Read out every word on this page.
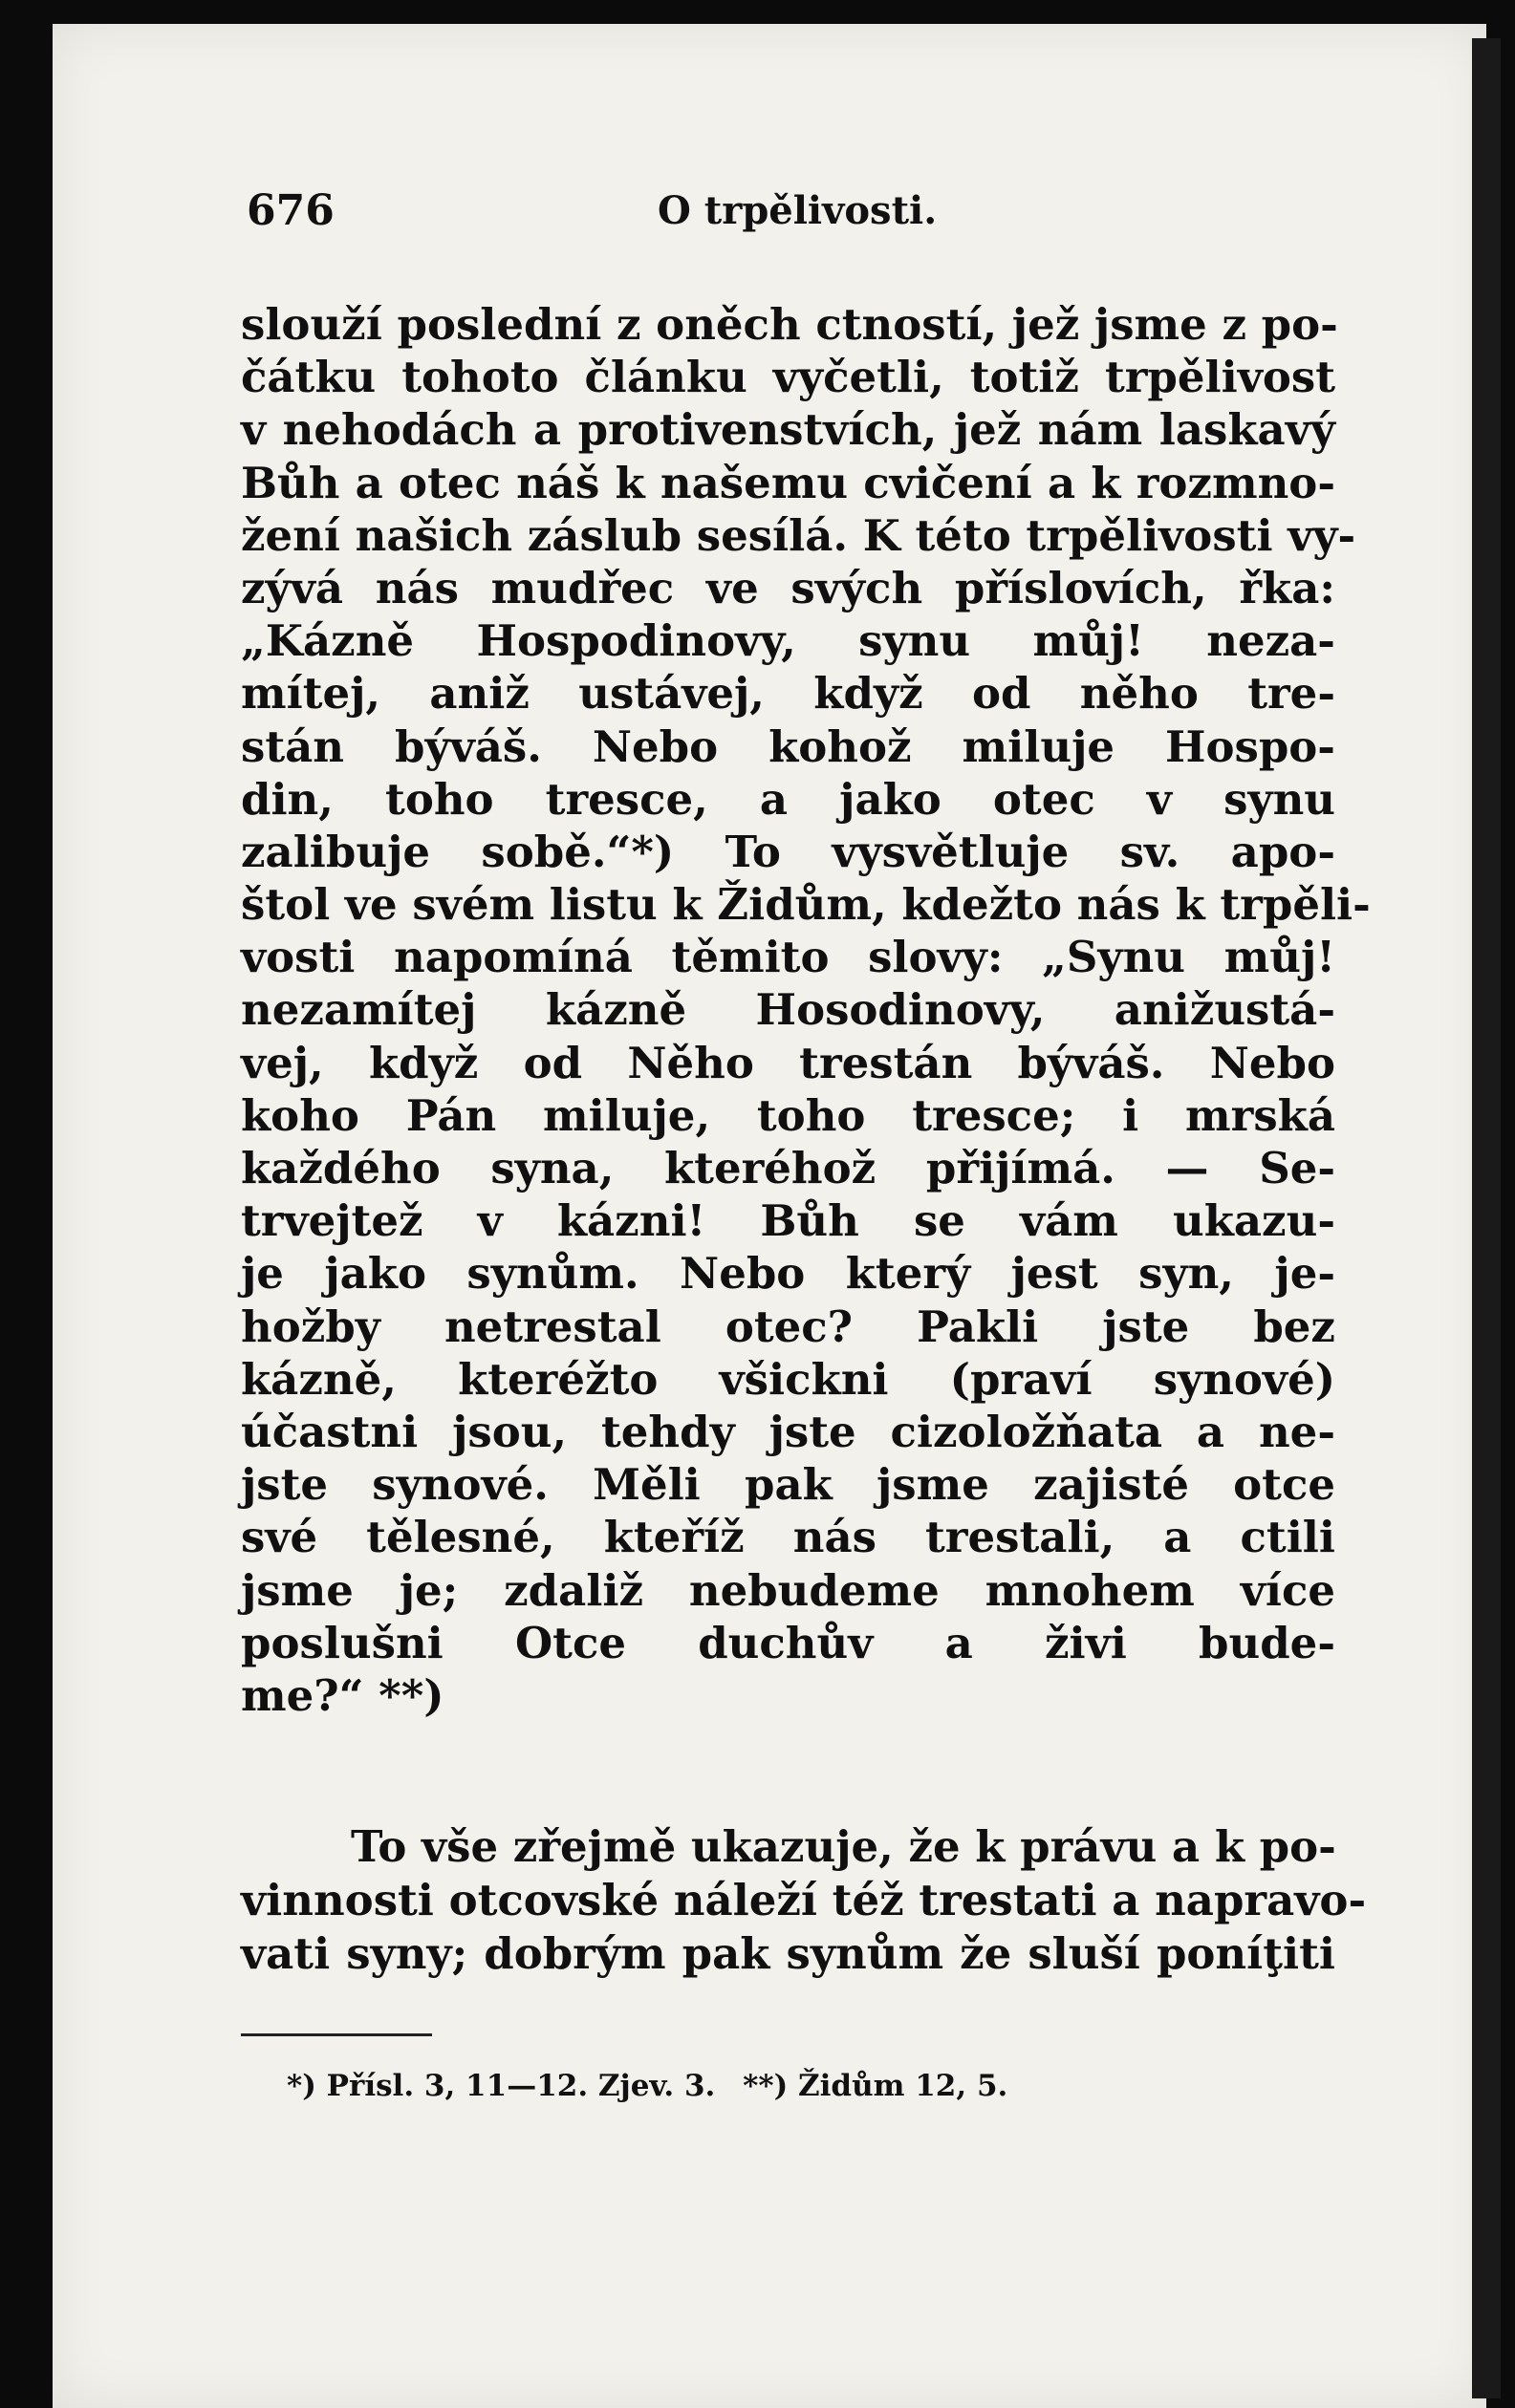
676	O trpělivosti.
slouží poslední z oněch ctností, jež jsme z po-
čátku tohoto článku vyčetli, totiž trpělivost
v nehodách a protivenstvích, jež nám laskavý
Bůh a otec náš k našemu cvičení a k rozmno-
žení našich záslub sesílá. K této trpělivosti vy-
zývá nás mudřec ve svých příslovích, řka:
„Kázně Hospodinovy, synu můj! neza-
mítej, aniž ustávej, když od něho tre-
stán býváš. Nebo kohož miluje Hospo-
din, toho tresce, a jako otec v synu
zalibuje sobě.“*) To vysvětluje sv. apo-
štol ve svém listu k Židům, kdežto nás k trpěli-
vosti napomíná těmito slovy: „Synu můj!
nezamítej kázně Hosodinovy, anižustá-
vej, když od Něho trestán býváš. Nebo
koho Pán miluje, toho tresce; i mrská
každého syna, kteréhož přijímá. — Se-
trvejtež v kázni! Bůh se vám ukazu-
je jako synům. Nebo který jest syn, je-
hožby netrestal otec? Pakli jste bez
kázně, kteréžto všickni (praví synové)
účastni jsou, tehdy jste cizoložňata a ne-
jste synové. Měli pak jsme zajisté otce
své tělesné, kteříž nás trestali, a ctili
jsme je; zdaliž nebudeme mnohem více
poslušni Otce duchův a živi bude-
me?“ **)
To vše zřejmě ukazuje, že k právu a k po-
vinnosti otcovské náleží též trestati a napravo-
vati syny; dobrým pak synům že sluší poníţiti
*) Přísl. 3, 11—12. Zjev. 3. **) Židům 12, 5.
